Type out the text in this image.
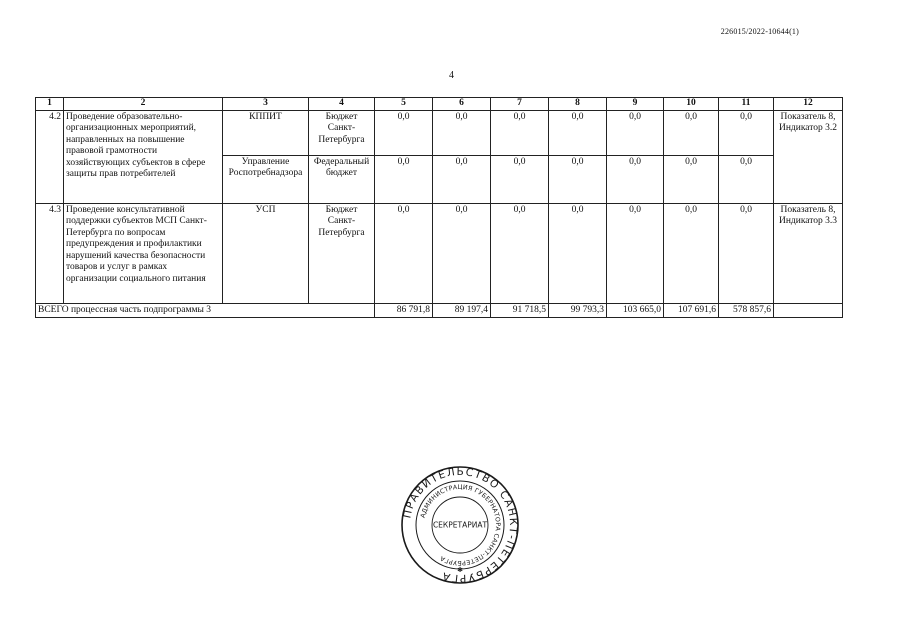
226015/2022-10644(1)
4
1	2	3	4	5	6	7	8	9	10	11	12
4.2	Проведение образовательно-организационных мероприятий, направленных на повышение правовой грамотности хозяйствующих субъектов в сфере защиты прав потребителей	КППИТ	Бюджет Санкт-Петербурга	0,0	0,0	0,0	0,0	0,0	0,0	0,0	Показатель 8, Индикатор 3.2
		Управление Роспотребнадзора	Федеральный бюджет	0,0	0,0	0,0	0,0	0,0	0,0	0,0	
4.3	Проведение консультативной поддержки субъектов МСП Санкт-Петербурга по вопросам предупреждения и профилактики нарушений качества безопасности товаров и услуг в рамках организации социального питания	УСП	Бюджет Санкт-Петербурга	0,0	0,0	0,0	0,0	0,0	0,0	0,0	Показатель 8, Индикатор 3.3
ВСЕГО процессная часть подпрограммы 3				86 791,8	89 197,4	91 718,5	99 793,3	103 665,0	107 691,6	578 857,6	
ПРАВИТЕЛЬСТВО САНКТ-ПЕТЕРБУРГА
АДМИНИСТРАЦИЯ ГУБЕРНАТОРА САНКТ-ПЕТЕРБУРГА
СЕКРЕТАРИАТ
✱
